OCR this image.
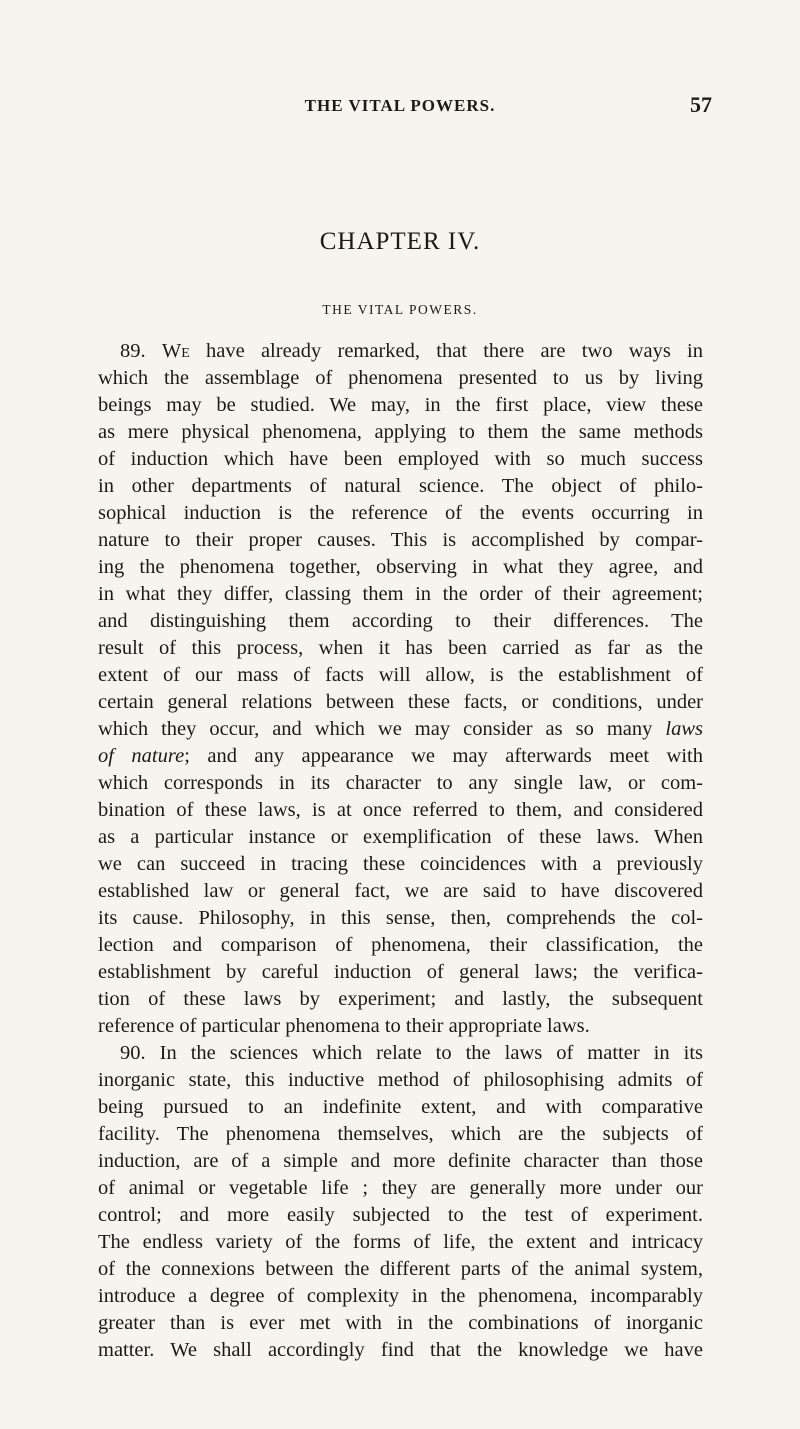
THE VITAL POWERS.	57
CHAPTER IV.
THE VITAL POWERS.
89. We have already remarked, that there are two ways in
which the assemblage of phenomena presented to us by living
beings may be studied. We may, in the first place, view these
as mere physical phenomena, applying to them the same methods
of induction which have been employed with so much success
in other departments of natural science. The object of philo-
sophical induction is the reference of the events occurring in
nature to their proper causes. This is accomplished by compar-
ing the phenomena together, observing in what they agree, and
in what they differ, classing them in the order of their agreement;
and distinguishing them according to their differences. The
result of this process, when it has been carried as far as the
extent of our mass of facts will allow, is the establishment of
certain general relations between these facts, or conditions, under
which they occur, and which we may consider as so many laws
of nature; and any appearance we may afterwards meet with
which corresponds in its character to any single law, or com-
bination of these laws, is at once referred to them, and considered
as a particular instance or exemplification of these laws. When
we can succeed in tracing these coincidences with a previously
established law or general fact, we are said to have discovered
its cause. Philosophy, in this sense, then, comprehends the col-
lection and comparison of phenomena, their classification, the
establishment by careful induction of general laws; the verifica-
tion of these laws by experiment; and lastly, the subsequent
reference of particular phenomena to their appropriate laws.
90. In the sciences which relate to the laws of matter in its
inorganic state, this inductive method of philosophising admits of
being pursued to an indefinite extent, and with comparative
facility. The phenomena themselves, which are the subjects of
induction, are of a simple and more definite character than those
of animal or vegetable life ; they are generally more under our
control; and more easily subjected to the test of experiment.
The endless variety of the forms of life, the extent and intricacy
of the connexions between the different parts of the animal system,
introduce a degree of complexity in the phenomena, incomparably
greater than is ever met with in the combinations of inorganic
matter. We shall accordingly find that the knowledge we have
